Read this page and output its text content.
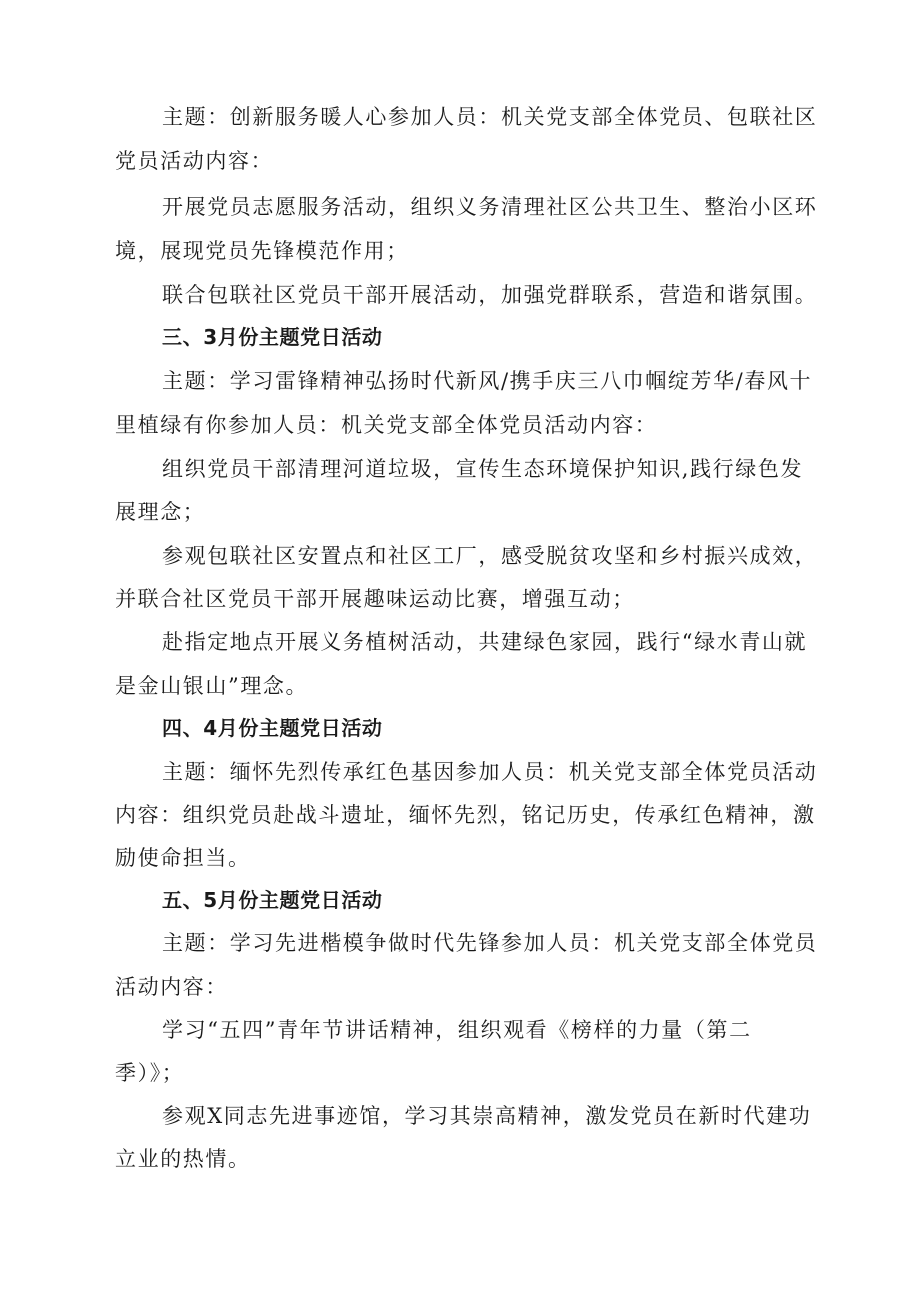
主题：创新服务暖人心参加人员：机关党支部全体党员、包联社区
党员活动内容：
开展党员志愿服务活动，组织义务清理社区公共卫生、整治小区环
境，展现党员先锋模范作用；
联合包联社区党员干部开展活动，加强党群联系，营造和谐氛围。
三、3月份主题党日活动
主题：学习雷锋精神弘扬时代新风/携手庆三八巾帼绽芳华/春风十
里植绿有你参加人员：机关党支部全体党员活动内容：
组织党员干部清理河道垃圾，宣传生态环境保护知识,践行绿色发
展理念；
参观包联社区安置点和社区工厂，感受脱贫攻坚和乡村振兴成效，
并联合社区党员干部开展趣味运动比赛，增强互动；
赴指定地点开展义务植树活动，共建绿色家园，践行“绿水青山就
是金山银山”理念。
四、4月份主题党日活动
主题：缅怀先烈传承红色基因参加人员：机关党支部全体党员活动
内容：组织党员赴战斗遗址，缅怀先烈，铭记历史，传承红色精神，激
励使命担当。
五、5月份主题党日活动
主题：学习先进楷模争做时代先锋参加人员：机关党支部全体党员
活动内容：
学习“五四”青年节讲话精神，组织观看《榜样的力量（第二
季）》；
参观X同志先进事迹馆，学习其崇高精神，激发党员在新时代建功
立业的热情。
